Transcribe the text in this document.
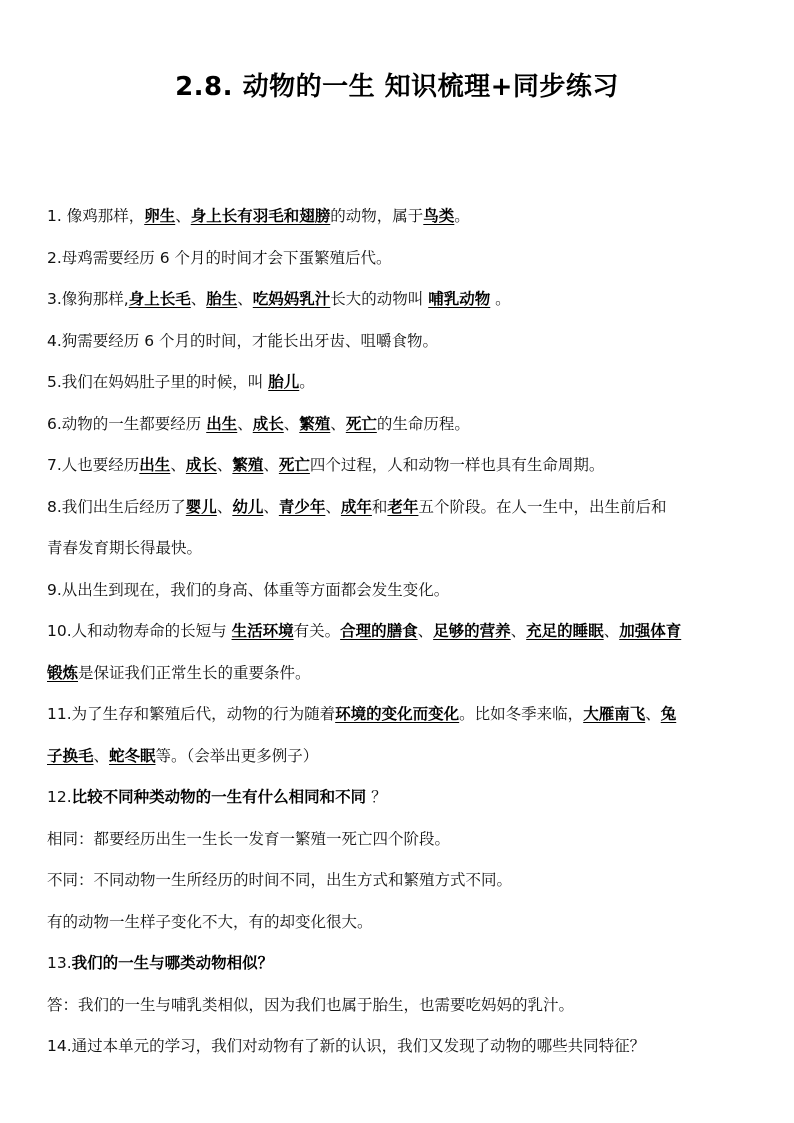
2.8. 动物的一生 知识梳理+同步练习
1. 像鸡那样，卵生、身上长有羽毛和翅膀的动物，属于鸟类。
2.母鸡需要经历 6 个月的时间才会下蛋繁殖后代。
3.像狗那样,身上长毛、胎生、吃妈妈乳汁长大的动物叫 哺乳动物 。
4.狗需要经历 6 个月的时间，才能长出牙齿、咀嚼食物。
5.我们在妈妈肚子里的时候，叫 胎儿。
6.动物的一生都要经历 出生、成长、繁殖、死亡的生命历程。
7.人也要经历出生、成长、繁殖、死亡四个过程，人和动物一样也具有生命周期。
8.我们出生后经历了婴儿、幼儿、青少年、成年和老年五个阶段。在人一生中，出生前后和
青春发育期长得最快。
9.从出生到现在，我们的身高、体重等方面都会发生变化。
10.人和动物寿命的长短与 生活环境有关。合理的膳食、足够的营养、充足的睡眠、加强体育
锻炼是保证我们正常生长的重要条件。
11.为了生存和繁殖后代，动物的行为随着环境的变化而变化。比如冬季来临，大雁南飞、兔
子换毛、蛇冬眠等。（会举出更多例子）
12.比较不同种类动物的一生有什么相同和不同 ？
相同：都要经历出生一生长一发育一繁殖一死亡四个阶段。
不同：不同动物一生所经历的时间不同，出生方式和繁殖方式不同。
有的动物一生样子变化不大，有的却变化很大。
13.我们的一生与哪类动物相似？
答：我们的一生与哺乳类相似，因为我们也属于胎生，也需要吃妈妈的乳汁。
14.通过本单元的学习，我们对动物有了新的认识，我们又发现了动物的哪些共同特征？
